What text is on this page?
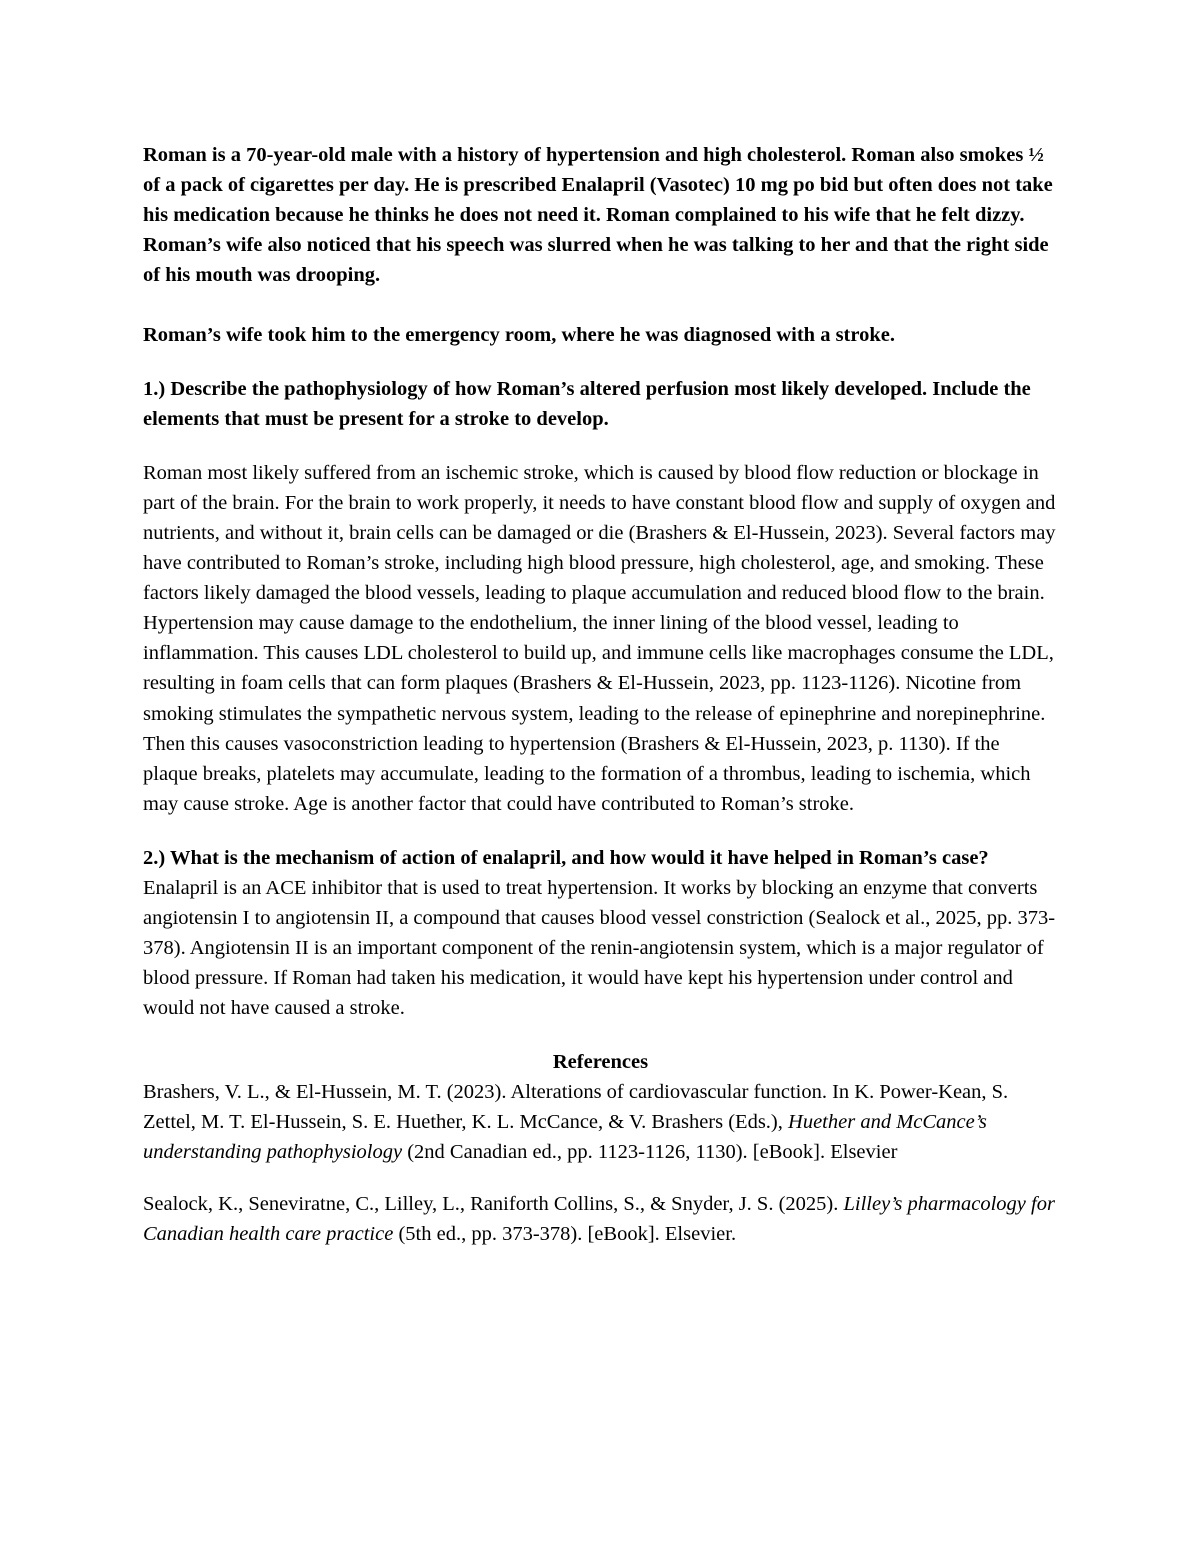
Roman is a 70-year-old male with a history of hypertension and high cholesterol. Roman also smokes ½ of a pack of cigarettes per day. He is prescribed Enalapril (Vasotec) 10 mg po bid but often does not take his medication because he thinks he does not need it. Roman complained to his wife that he felt dizzy. Roman’s wife also noticed that his speech was slurred when he was talking to her and that the right side of his mouth was drooping.

Roman’s wife took him to the emergency room, where he was diagnosed with a stroke.

1.) Describe the pathophysiology of how Roman’s altered perfusion most likely developed. Include the elements that must be present for a stroke to develop.

Roman most likely suffered from an ischemic stroke, which is caused by blood flow reduction or blockage in part of the brain. For the brain to work properly, it needs to have constant blood flow and supply of oxygen and nutrients, and without it, brain cells can be damaged or die (Brashers & El-Hussein, 2023). Several factors may have contributed to Roman’s stroke, including high blood pressure, high cholesterol, age, and smoking. These factors likely damaged the blood vessels, leading to plaque accumulation and reduced blood flow to the brain. Hypertension may cause damage to the endothelium, the inner lining of the blood vessel, leading to inflammation. This causes LDL cholesterol to build up, and immune cells like macrophages consume the LDL, resulting in foam cells that can form plaques (Brashers & El-Hussein, 2023, pp. 1123-1126). Nicotine from smoking stimulates the sympathetic nervous system, leading to the release of epinephrine and norepinephrine. Then this causes vasoconstriction leading to hypertension (Brashers & El-Hussein, 2023, p. 1130). If the plaque breaks, platelets may accumulate, leading to the formation of a thrombus, leading to ischemia, which may cause stroke. Age is another factor that could have contributed to Roman’s stroke.

2.) What is the mechanism of action of enalapril, and how would it have helped in Roman’s case?

Enalapril is an ACE inhibitor that is used to treat hypertension. It works by blocking an enzyme that converts angiotensin I to angiotensin II, a compound that causes blood vessel constriction (Sealock et al., 2025, pp. 373-378). Angiotensin II is an important component of the renin-angiotensin system, which is a major regulator of blood pressure. If Roman had taken his medication, it would have kept his hypertension under control and would not have caused a stroke.

References

Brashers, V. L., & El-Hussein, M. T. (2023). Alterations of cardiovascular function. In K. Power-Kean, S. Zettel, M. T. El-Hussein, S. E. Huether, K. L. McCance, & V. Brashers (Eds.), Huether and McCance’s understanding pathophysiology (2nd Canadian ed., pp. 1123-1126, 1130). [eBook]. Elsevier

Sealock, K., Seneviratne, C., Lilley, L., Raniforth Collins, S., & Snyder, J. S. (2025). Lilley’s pharmacology for Canadian health care practice (5th ed., pp. 373-378). [eBook]. Elsevier.
